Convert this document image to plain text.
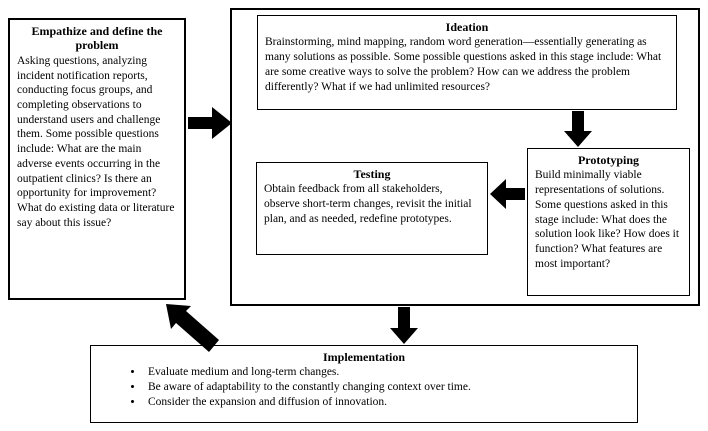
Empathize and define the problem
Asking questions, analyzing incident notification reports, conducting focus groups, and completing observations to understand users and challenge them. Some possible questions include: What are the main adverse events occurring in the outpatient clinics? Is there an opportunity for improvement? What do existing data or literature say about this issue?
Ideation
Brainstorming, mind mapping, random word generation—essentially generating as many solutions as possible. Some possible questions asked in this stage include: What are some creative ways to solve the problem? How can we address the problem differently? What if we had unlimited resources?
Prototyping
Build minimally viable representations of solutions. Some questions asked in this stage include: What does the solution look like? How does it function? What features are most important?
Testing
Obtain feedback from all stakeholders, observe short-term changes, revisit the initial plan, and as needed, redefine prototypes.
Implementation
• Evaluate medium and long-term changes.
• Be aware of adaptability to the constantly changing context over time.
• Consider the expansion and diffusion of innovation.
